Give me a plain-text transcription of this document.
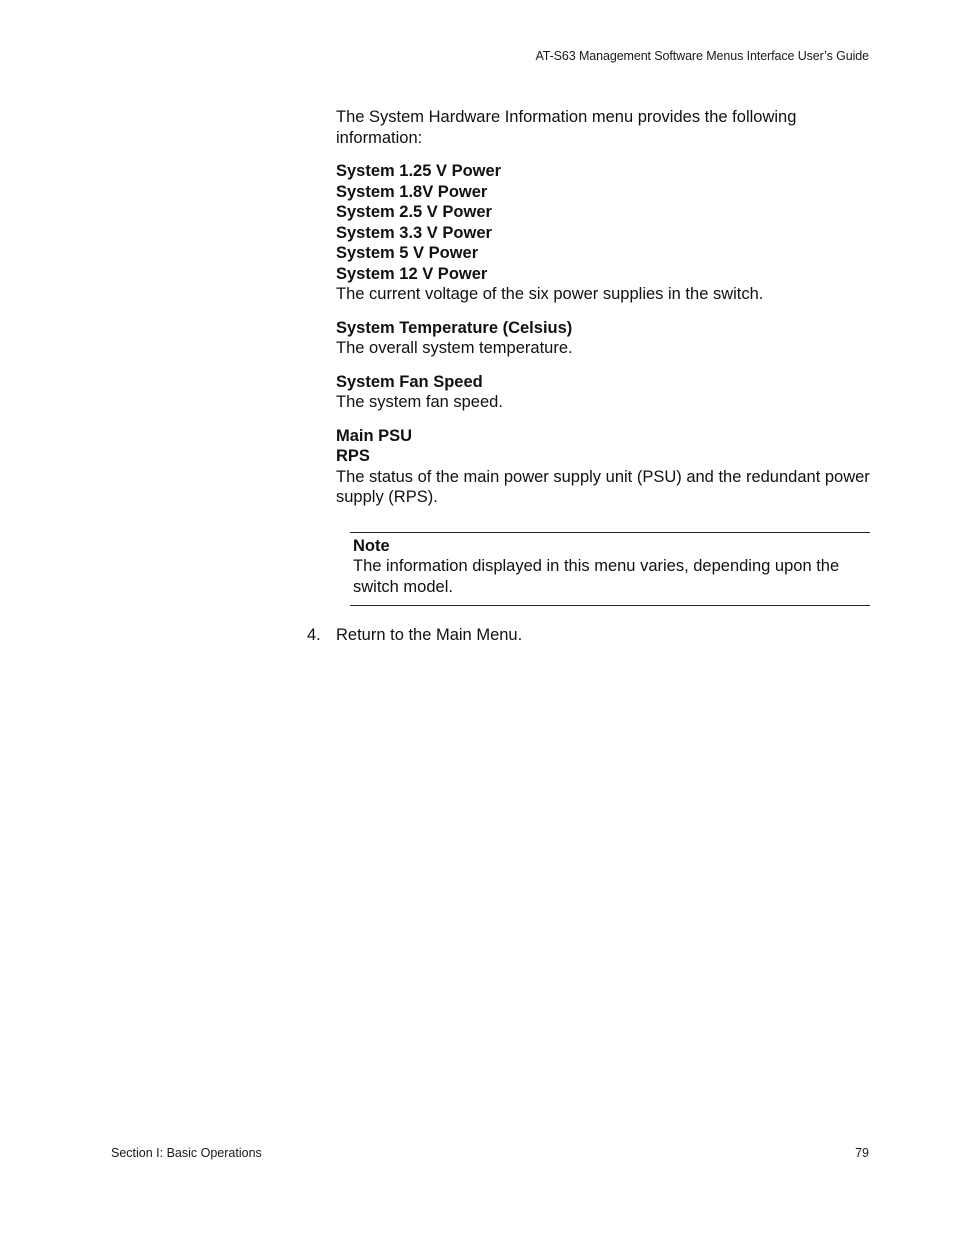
AT-S63 Management Software Menus Interface User’s Guide

The System Hardware Information menu provides the following information:

System 1.25 V Power
System 1.8V Power
System 2.5 V Power
System 3.3 V Power
System 5 V Power
System 12 V Power
The current voltage of the six power supplies in the switch.
System Temperature (Celsius)
The overall system temperature.
System Fan Speed
The system fan speed.
Main PSU
RPS
The status of the main power supply unit (PSU) and the redundant power supply (RPS).
Note
The information displayed in this menu varies, depending upon the switch model.
4. Return to the Main Menu.
Section I: Basic Operations	79
